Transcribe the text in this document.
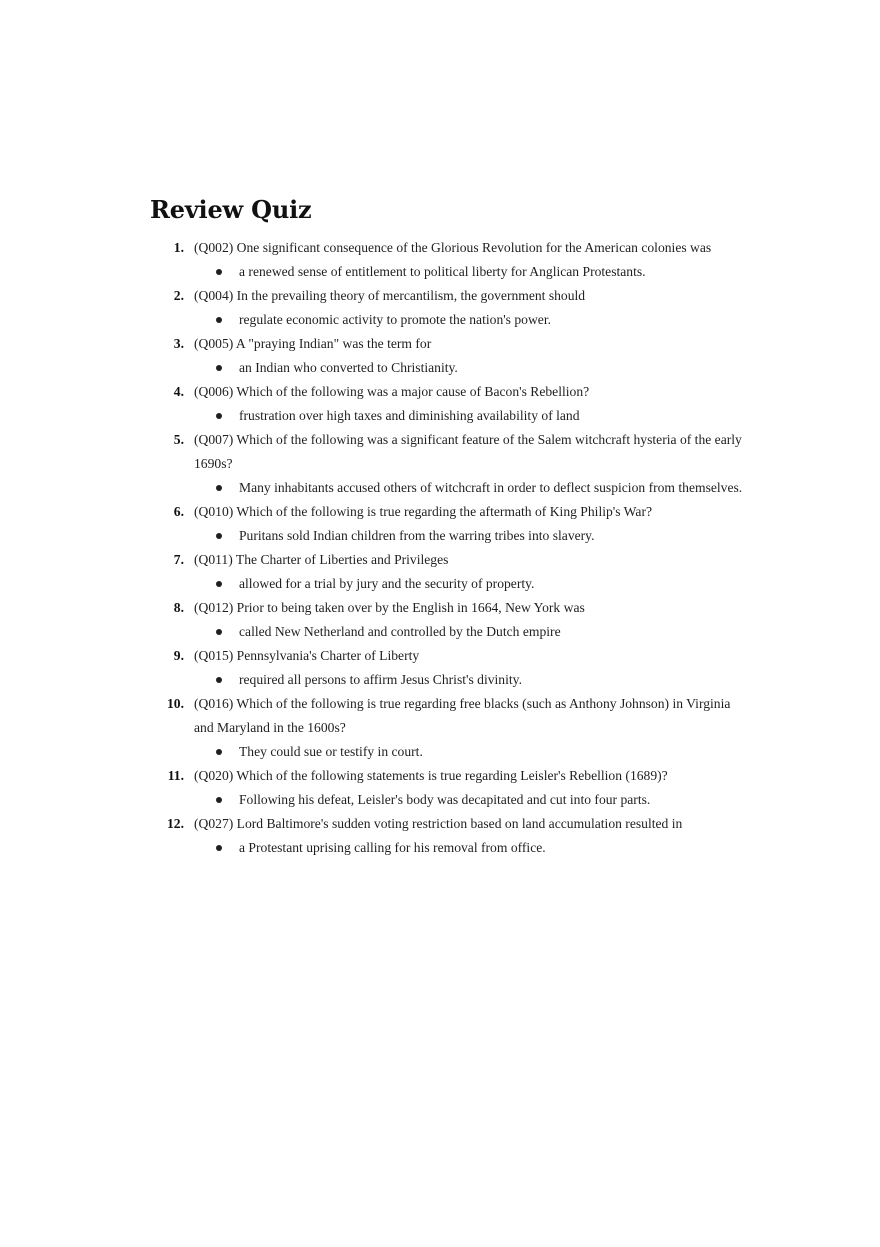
Review Quiz
1. (Q002) One significant consequence of the Glorious Revolution for the American colonies was
a renewed sense of entitlement to political liberty for Anglican Protestants.
2. (Q004) In the prevailing theory of mercantilism, the government should
regulate economic activity to promote the nation's power.
3. (Q005) A "praying Indian" was the term for
an Indian who converted to Christianity.
4. (Q006) Which of the following was a major cause of Bacon's Rebellion?
frustration over high taxes and diminishing availability of land
5. (Q007) Which of the following was a significant feature of the Salem witchcraft hysteria of the early 1690s?
Many inhabitants accused others of witchcraft in order to deflect suspicion from themselves.
6. (Q010) Which of the following is true regarding the aftermath of King Philip's War?
Puritans sold Indian children from the warring tribes into slavery.
7. (Q011) The Charter of Liberties and Privileges
allowed for a trial by jury and the security of property.
8. (Q012) Prior to being taken over by the English in 1664, New York was
called New Netherland and controlled by the Dutch empire
9. (Q015) Pennsylvania's Charter of Liberty
required all persons to affirm Jesus Christ's divinity.
10. (Q016) Which of the following is true regarding free blacks (such as Anthony Johnson) in Virginia and Maryland in the 1600s?
They could sue or testify in court.
11. (Q020) Which of the following statements is true regarding Leisler's Rebellion (1689)?
Following his defeat, Leisler's body was decapitated and cut into four parts.
12. (Q027) Lord Baltimore's sudden voting restriction based on land accumulation resulted in
a Protestant uprising calling for his removal from office.
